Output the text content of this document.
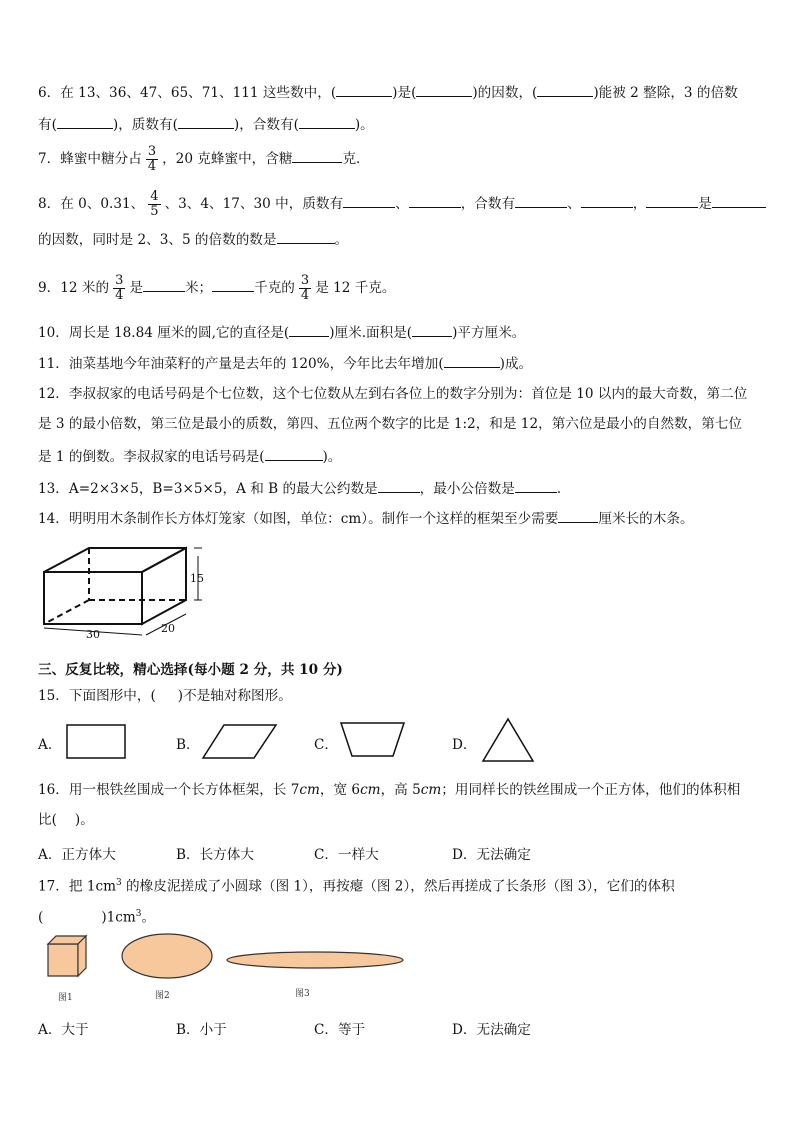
6．在 13、36、47、65、71、111 这些数中，(	)是(	)的因数，(	)能被 2 整除，3 的倍数
有(	)，质数有(	)，合数有(	)。
7．蜂蜜中糖分占 $\frac{3}{4}$ ，20 克蜂蜜中，含糖	克．
8．在 0、0.31、 $\frac{4}{5}$ 、3、4、17、30 中，质数有	、	，合数有	、	，	是
的因数，同时是 2、3、5 的倍数的数是	。
9．12 米的 $\frac{3}{4}$ 是	米；	千克的 $\frac{3}{4}$ 是 12 千克。
10．周长是 18.84 厘米的圆,它的直径是(	)厘米.面积是(	)平方厘米。
11．油菜基地今年油菜籽的产量是去年的 120%，今年比去年增加(	)成。
12．李叔叔家的电话号码是个七位数，这个七位数从左到右各位上的数字分别为：首位是 10 以内的最大奇数，第二位
是 3 的最小倍数，第三位是最小的质数，第四、五位两个数字的比是 1:2，和是 12，第六位是最小的自然数，第七位
是 1 的倒数。李叔叔家的电话号码是(	)。
13．A=2×3×5，B=3×5×5，A 和 B 的最大公约数是	，最小公倍数是	．
14．明明用木条制作长方体灯笼家（如图，单位：cm）。制作一个这样的框架至少需要	厘米长的木条。
30	20
15
三、反复比较，精心选择(每小题 2 分，共 10 分)
15．下面图形中，( )不是轴对称图形。
A．	B．	C．	D．
16．用一根铁丝围成一个长方体框架，长 7cm，宽 6cm，高 5cm；用同样长的铁丝围成一个正方体，他们的体积相
比( )。
A．正方体大	B．长方体大	C．一样大	D．无法确定
17．把 $1cm^3$ 的橡皮泥搓成了小圆球（图 1），再按瘪（图 2），然后再搓成了长条形（图 3），它们的体积
(	)$1cm^3$。
图1	图2	图3
A．大于	B．小于	C．等于	D．无法确定
